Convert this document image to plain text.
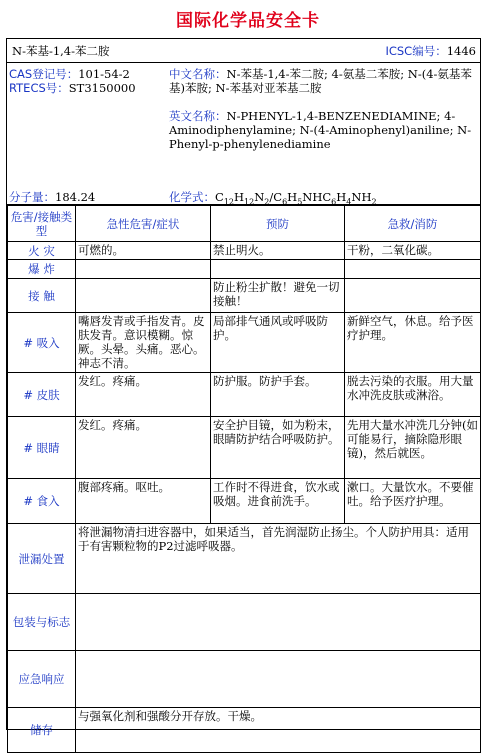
国际化学品安全卡
N-苯基-1,4-苯二胺	ICSC编号：1446
CAS登记号：101-54-2
RTECS号：ST3150000
中文名称：N-苯基-1,4-苯二胺; 4-氨基二苯胺; N-(4-氨基苯基)苯胺; N-苯基对亚苯基二胺
英文名称：N-PHENYL-1,4-BENZENEDIAMINE; 4-Aminodiphenylamine; N-(4-Aminophenyl)aniline; N-Phenyl-p-phenylenediamine
分子量：184.24	化学式：$C_{12}H_{12}N_2/C_6H_5NHC_6H_4NH_2$
危害/接触类型	急性危害/症状	预防	急救/消防
火 灾	可燃的。	禁止明火。	干粉，二氧化碳。
爆 炸			
接 触		防止粉尘扩散！避免一切接触！	
# 吸入	嘴唇发青或手指发青。皮肤发青。意识模糊。惊厥。头晕。头痛。恶心。神志不清。	局部排气通风或呼吸防护。	新鲜空气，休息。给予医疗护理。
# 皮肤	发红。疼痛。	防护服。防护手套。	脱去污染的衣服。用大量水冲洗皮肤或淋浴。
# 眼睛	发红。疼痛。	安全护目镜，如为粉末，眼睛防护结合呼吸防护。	先用大量水冲洗几分钟(如可能易行，摘除隐形眼镜)，然后就医。
# 食入	腹部疼痛。呕吐。	工作时不得进食，饮水或吸烟。进食前洗手。	漱口。大量饮水。不要催吐。给予医疗护理。
泄漏处置	将泄漏物清扫进容器中，如果适当，首先润湿防止扬尘。个人防护用具：适用于有害颗粒物的P2过滤呼吸器。		
包装与标志			
应急响应			
储存	与强氧化剂和强酸分开存放。干燥。		
